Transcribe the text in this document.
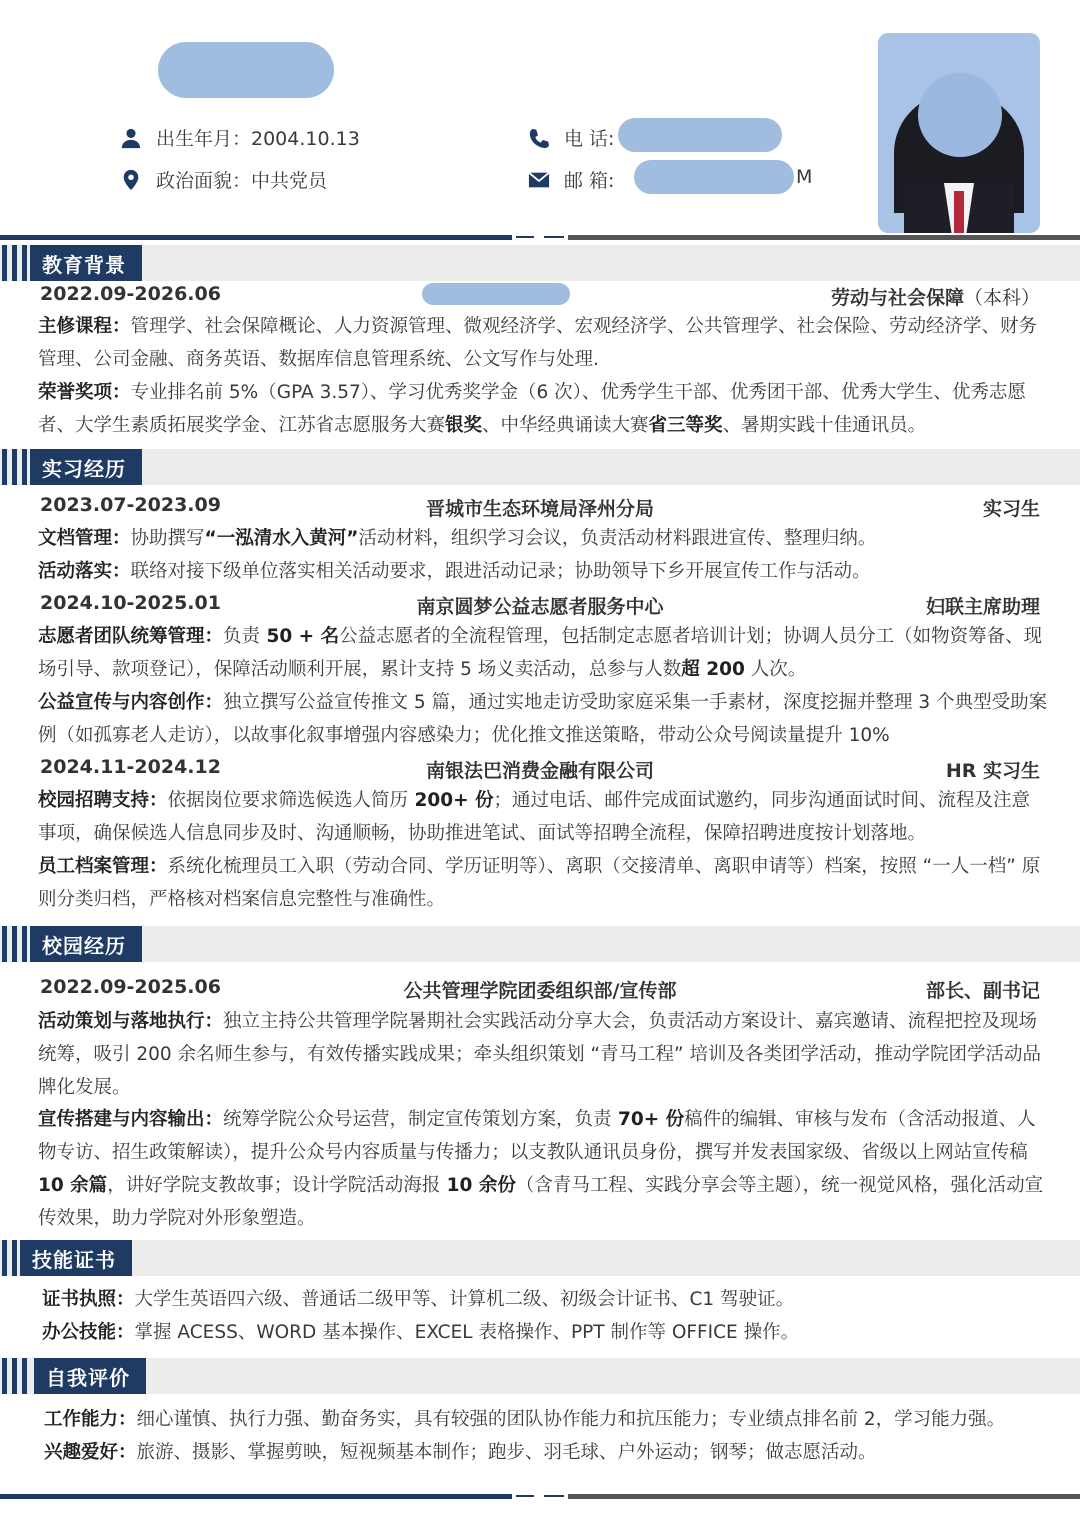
出生年月：2004.10.13
政治面貌：中共党员
电 话:
邮 箱:	M
教育背景
2022.09-2026.06	劳动与社会保障（本科）
主修课程：管理学、社会保障概论、人力资源管理、微观经济学、宏观经济学、公共管理学、社会保险、劳动经济学、财务管理、公司金融、商务英语、数据库信息管理系统、公文写作与处理.
荣誉奖项：专业排名前 5%（GPA 3.57）、学习优秀奖学金（6 次）、优秀学生干部、优秀团干部、优秀大学生、优秀志愿者、大学生素质拓展奖学金、江苏省志愿服务大赛银奖、中华经典诵读大赛省三等奖、暑期实践十佳通讯员。
实习经历
2023.07-2023.09	晋城市生态环境局泽州分局	实习生
文档管理：协助撰写“一泓清水入黄河”活动材料，组织学习会议，负责活动材料跟进宣传、整理归纳。
活动落实：联络对接下级单位落实相关活动要求，跟进活动记录；协助领导下乡开展宣传工作与活动。
2024.10-2025.01	南京圆梦公益志愿者服务中心	妇联主席助理
志愿者团队统筹管理：负责 50 + 名公益志愿者的全流程管理，包括制定志愿者培训计划；协调人员分工（如物资筹备、现场引导、款项登记），保障活动顺利开展，累计支持 5 场义卖活动，总参与人数超 200 人次。
公益宣传与内容创作：独立撰写公益宣传推文 5 篇，通过实地走访受助家庭采集一手素材，深度挖掘并整理 3 个典型受助案例（如孤寡老人走访），以故事化叙事增强内容感染力；优化推文推送策略，带动公众号阅读量提升 10%
2024.11-2024.12	南银法巴消费金融有限公司	HR 实习生
校园招聘支持：依据岗位要求筛选候选人简历 200+ 份；通过电话、邮件完成面试邀约，同步沟通面试时间、流程及注意事项，确保候选人信息同步及时、沟通顺畅，协助推进笔试、面试等招聘全流程，保障招聘进度按计划落地。
员工档案管理：系统化梳理员工入职（劳动合同、学历证明等）、离职（交接清单、离职申请等）档案，按照 “一人一档” 原则分类归档，严格核对档案信息完整性与准确性。
校园经历
2022.09-2025.06	公共管理学院团委组织部/宣传部	部长、副书记
活动策划与落地执行：独立主持公共管理学院暑期社会实践活动分享大会，负责活动方案设计、嘉宾邀请、流程把控及现场统筹，吸引 200 余名师生参与，有效传播实践成果；牵头组织策划 “青马工程” 培训及各类团学活动，推动学院团学活动品牌化发展。
宣传搭建与内容输出：统筹学院公众号运营，制定宣传策划方案，负责 70+ 份稿件的编辑、审核与发布（含活动报道、人物专访、招生政策解读），提升公众号内容质量与传播力；以支教队通讯员身份，撰写并发表国家级、省级以上网站宣传稿 10 余篇，讲好学院支教故事；设计学院活动海报 10 余份（含青马工程、实践分享会等主题），统一视觉风格，强化活动宣传效果，助力学院对外形象塑造。
技能证书
证书执照：大学生英语四六级、普通话二级甲等、计算机二级、初级会计证书、C1 驾驶证。
办公技能：掌握 ACESS、WORD 基本操作、EXCEL 表格操作、PPT 制作等 OFFICE 操作。
自我评价
工作能力：细心谨慎、执行力强、勤奋务实，具有较强的团队协作能力和抗压能力；专业绩点排名前 2，学习能力强。
兴趣爱好：旅游、摄影、掌握剪映，短视频基本制作；跑步、羽毛球、户外运动；钢琴；做志愿活动。
